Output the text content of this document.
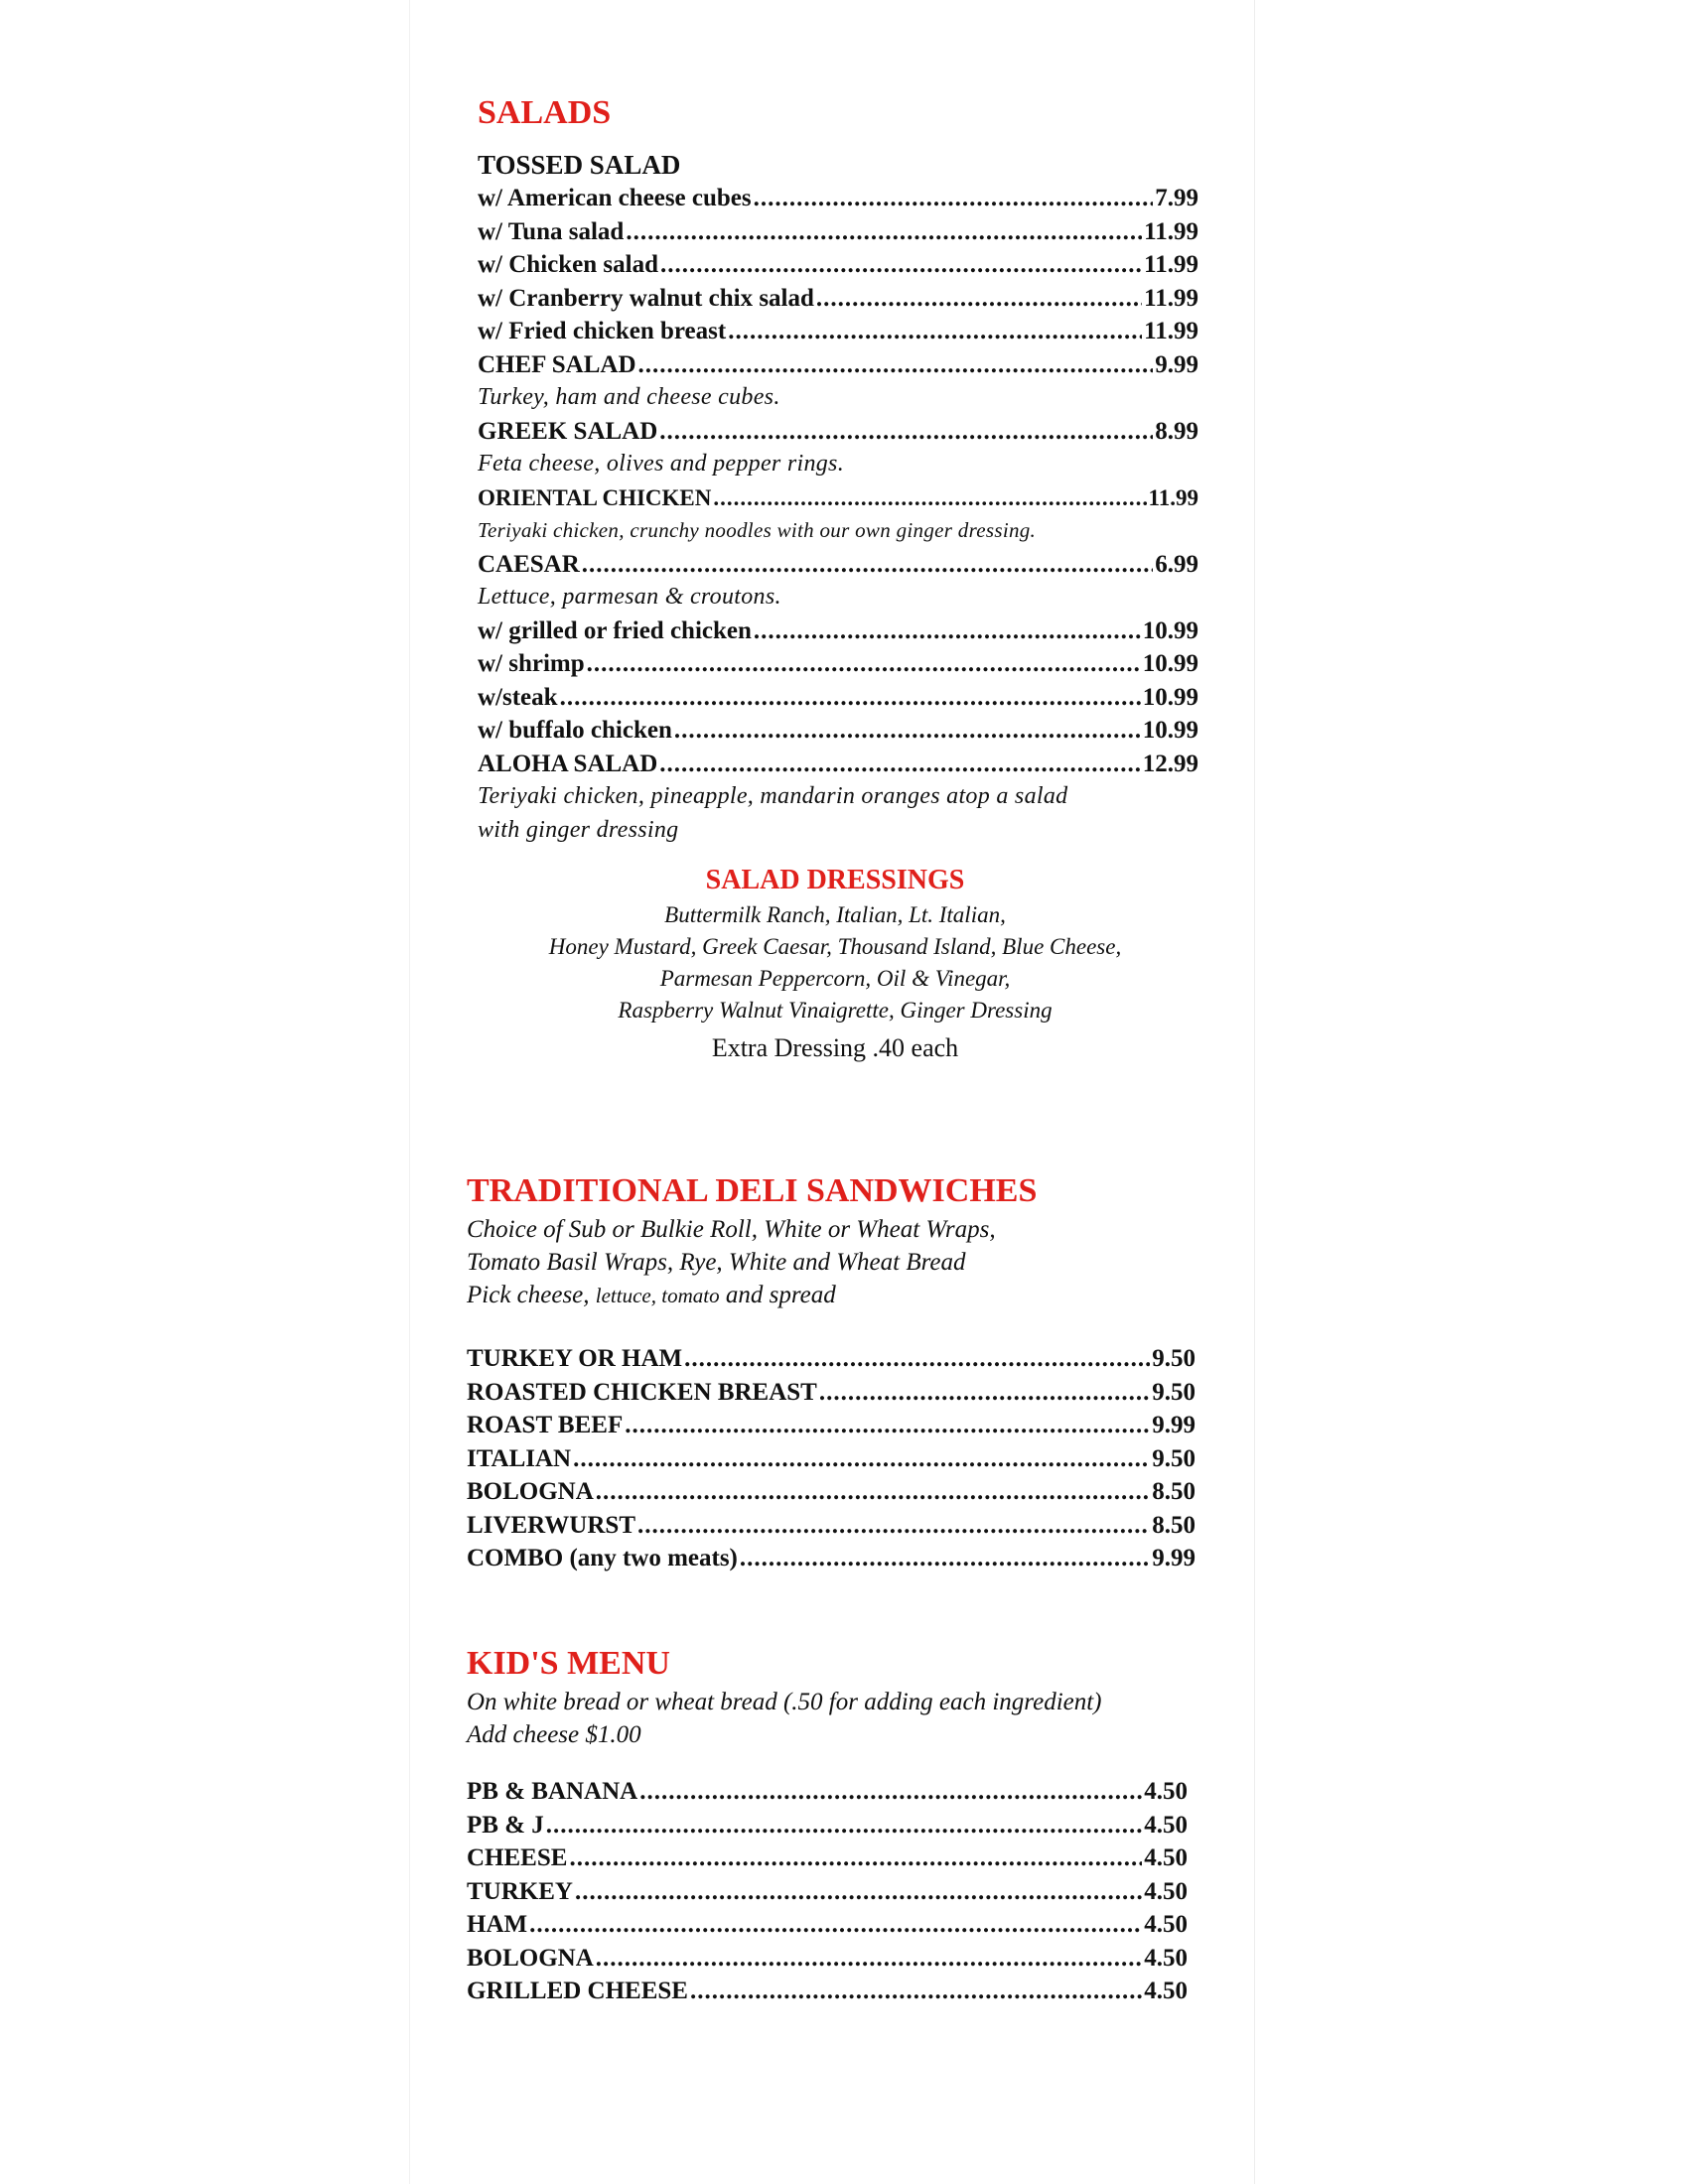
SALADS
TOSSED SALAD
w/ American cheese cubes .....	7.99
w/ Tuna salad .....	11.99
w/ Chicken salad .....	11.99
w/ Cranberry walnut chix salad .....	11.99
w/ Fried chicken breast .....	11.99
CHEF SALAD .....	9.99
Turkey, ham and cheese cubes.
GREEK SALAD .....	8.99
Feta cheese, olives and pepper rings.
ORIENTAL CHICKEN .....	11.99
Teriyaki chicken, crunchy noodles with our own ginger dressing.
CAESAR .....	6.99
Lettuce, parmesan & croutons.
w/ grilled or fried chicken .....	10.99
w/ shrimp .....	10.99
w/steak .....	10.99
w/ buffalo chicken .....	10.99
ALOHA SALAD .....	12.99
Teriyaki chicken, pineapple, mandarin oranges atop a salad
with ginger dressing
SALAD DRESSINGS
Buttermilk Ranch, Italian, Lt. Italian,
Honey Mustard, Greek Caesar, Thousand Island, Blue Cheese,
Parmesan Peppercorn, Oil & Vinegar,
Raspberry Walnut Vinaigrette, Ginger Dressing
Extra Dressing .40 each
TRADITIONAL DELI SANDWICHES
Choice of Sub or Bulkie Roll, White or Wheat Wraps,
Tomato Basil Wraps, Rye, White and Wheat Bread
Pick cheese, lettuce, tomato and spread
TURKEY OR HAM .....	9.50
ROASTED CHICKEN BREAST .....	9.50
ROAST BEEF .....	9.99
ITALIAN .....	9.50
BOLOGNA .....	8.50
LIVERWURST .....	8.50
COMBO (any two meats) .....	9.99
KID'S MENU
On white bread or wheat bread (.50 for adding each ingredient)
Add cheese $1.00
PB & BANANA .....	4.50
PB & J .....	4.50
CHEESE .....	4.50
TURKEY .....	4.50
HAM .....	4.50
BOLOGNA .....	4.50
GRILLED CHEESE .....	4.50
